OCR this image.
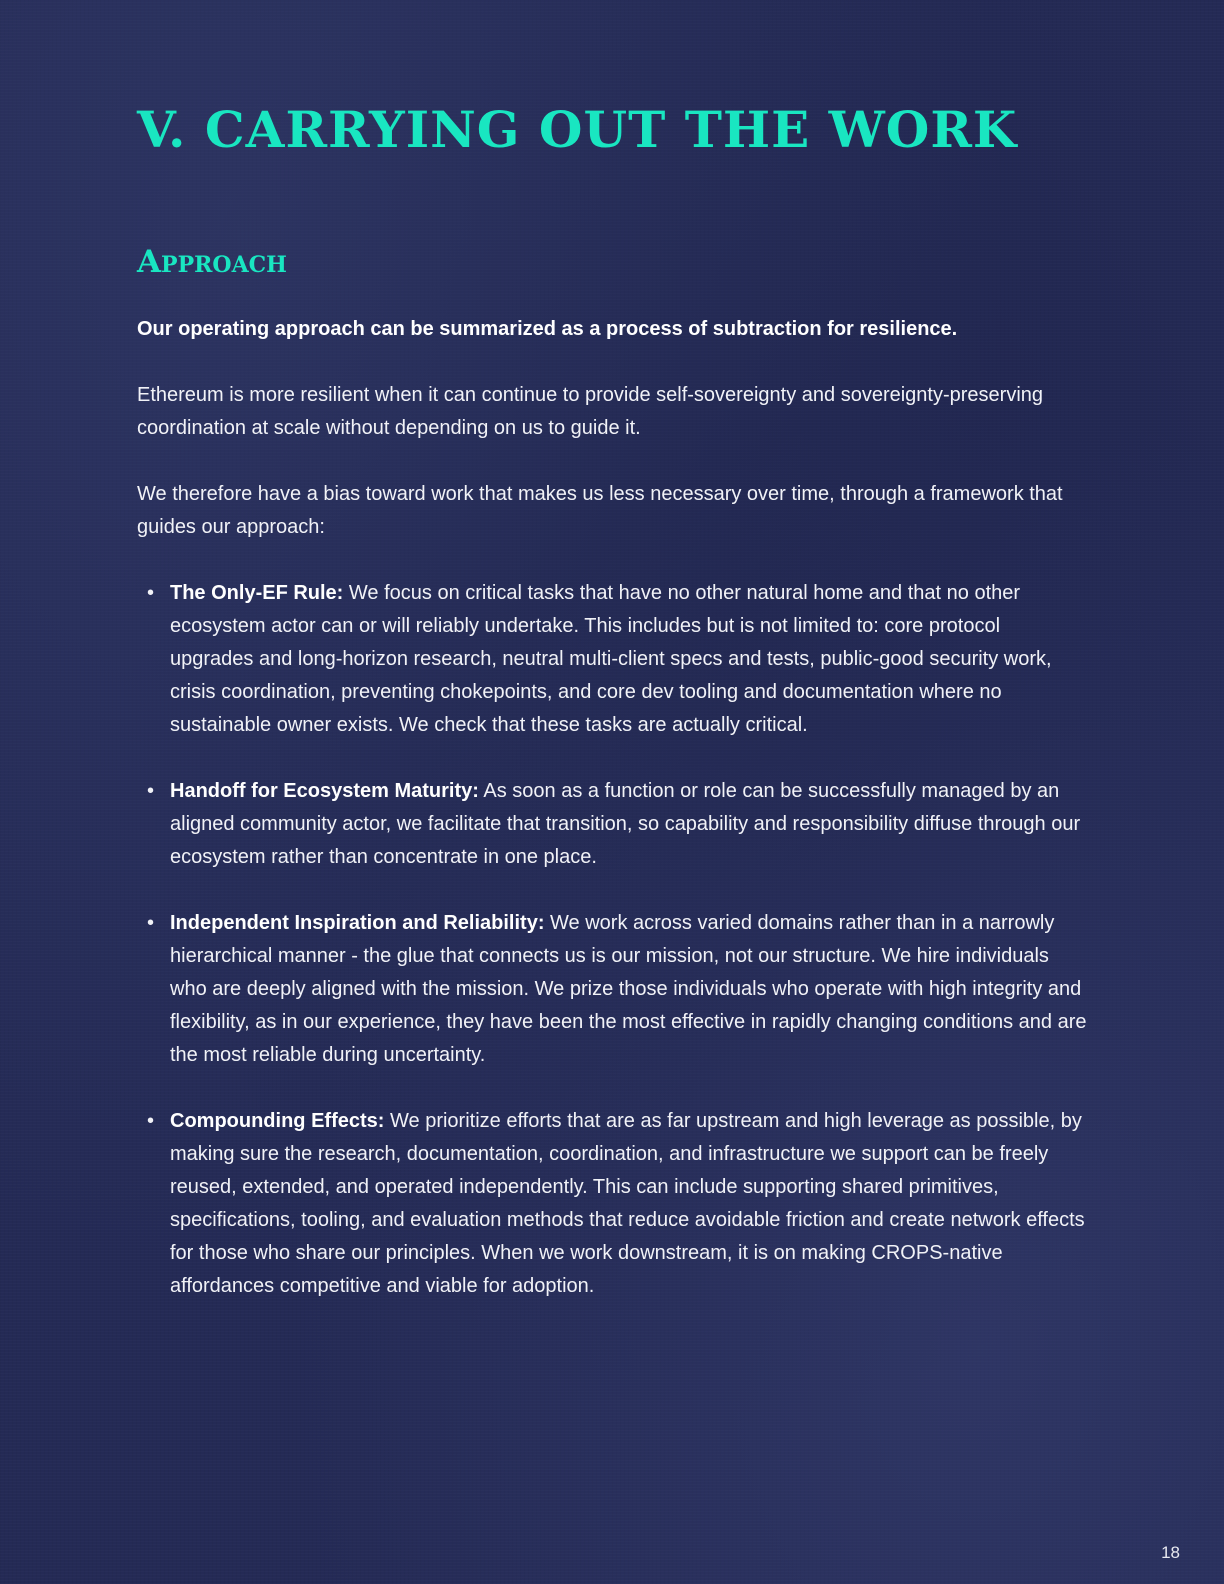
V. CARRYING OUT THE WORK
Approach

Our operating approach can be summarized as a process of subtraction for resilience.

Ethereum is more resilient when it can continue to provide self-sovereignty and sovereignty-preserving coordination at scale without depending on us to guide it.

We therefore have a bias toward work that makes us less necessary over time, through a framework that guides our approach:

• The Only-EF Rule: We focus on critical tasks that have no other natural home and that no other ecosystem actor can or will reliably undertake. This includes but is not limited to: core protocol upgrades and long-horizon research, neutral multi-client specs and tests, public-good security work, crisis coordination, preventing chokepoints, and core dev tooling and documentation where no sustainable owner exists. We check that these tasks are actually critical.
• Handoff for Ecosystem Maturity: As soon as a function or role can be successfully managed by an aligned community actor, we facilitate that transition, so capability and responsibility diffuse through our ecosystem rather than concentrate in one place.
• Independent Inspiration and Reliability: We work across varied domains rather than in a narrowly hierarchical manner - the glue that connects us is our mission, not our structure. We hire individuals who are deeply aligned with the mission. We prize those individuals who operate with high integrity and flexibility, as in our experience, they have been the most effective in rapidly changing conditions and are the most reliable during uncertainty.
• Compounding Effects: We prioritize efforts that are as far upstream and high leverage as possible, by making sure the research, documentation, coordination, and infrastructure we support can be freely reused, extended, and operated independently. This can include supporting shared primitives, specifications, tooling, and evaluation methods that reduce avoidable friction and create network effects for those who share our principles. When we work downstream, it is on making CROPS-native affordances competitive and viable for adoption.
18
